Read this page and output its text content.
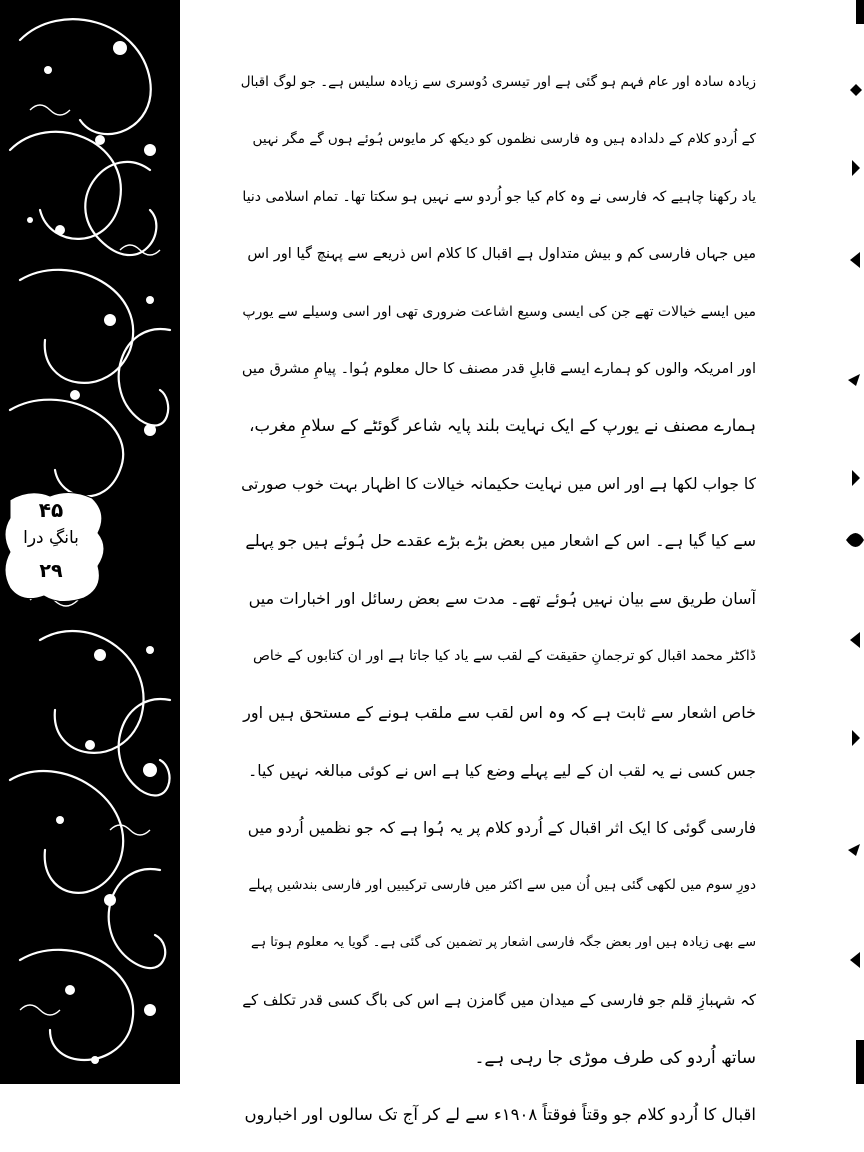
۴۵
بانگِ درا
۲۹
زیادہ سادہ اور عام فہم ہو گئی ہے اور تیسری دُوسری سے زیادہ سلیس ہے۔ جو لوگ اقبال
کے اُردو کلام کے دلدادہ ہیں وہ فارسی نظموں کو دیکھ کر مایوس ہُوئے ہوں گے مگر نہیں
یاد رکھنا چاہیے کہ فارسی نے وہ کام کیا جو اُردو سے نہیں ہو سکتا تھا۔ تمام اسلامی دنیا
میں جہاں فارسی کم و بیش متداول ہے اقبال کا کلام اس ذریعے سے پہنچ گیا اور اس
میں ایسے خیالات تھے جن کی ایسی وسیع اشاعت ضروری تھی اور اسی وسیلے سے یورپ
اور امریکہ والوں کو ہمارے ایسے قابلِ قدر مصنف کا حال معلوم ہُوا۔ پیامِ مشرق میں
ہمارے مصنف نے یورپ کے ایک نہایت بلند پایہ شاعر گوئٹے کے سلامِ مغرب،
کا جواب لکھا ہے اور اس میں نہایت حکیمانہ خیالات کا اظہار بہت خوب صورتی
سے کیا گیا ہے۔ اس کے اشعار میں بعض بڑے بڑے عقدے حل ہُوئے ہیں جو پہلے
آسان طریق سے بیان نہیں ہُوئے تھے۔ مدت سے بعض رسائل اور اخبارات میں
ڈاکٹر محمد اقبال کو ترجمانِ حقیقت کے لقب سے یاد کیا جاتا ہے اور ان کتابوں کے خاص
خاص اشعار سے ثابت ہے کہ وہ اس لقب سے ملقب ہونے کے مستحق ہیں اور
جس کسی نے یہ لقب ان کے لیے پہلے وضع کیا ہے اس نے کوئی مبالغہ نہیں کیا۔
فارسی گوئی کا ایک اثر اقبال کے اُردو کلام پر یہ ہُوا ہے کہ جو نظمیں اُردو میں
دورِ سوم میں لکھی گئی ہیں اُن میں سے اکثر میں فارسی ترکیبیں اور فارسی بندشیں پہلے
سے بھی زیادہ ہیں اور بعض جگہ فارسی اشعار پر تضمین کی گئی ہے۔ گویا یہ معلوم ہوتا ہے
کہ شہبازِ قلم جو فارسی کے میدان میں گامزن ہے اس کی باگ کسی قدر تکلف کے
ساتھ اُردو کی طرف موڑی جا رہی ہے۔
اقبال کا اُردو کلام جو وقتاً فوقتاً ۱۹۰۸ء سے لے کر آج تک سالوں اور اخباروں
